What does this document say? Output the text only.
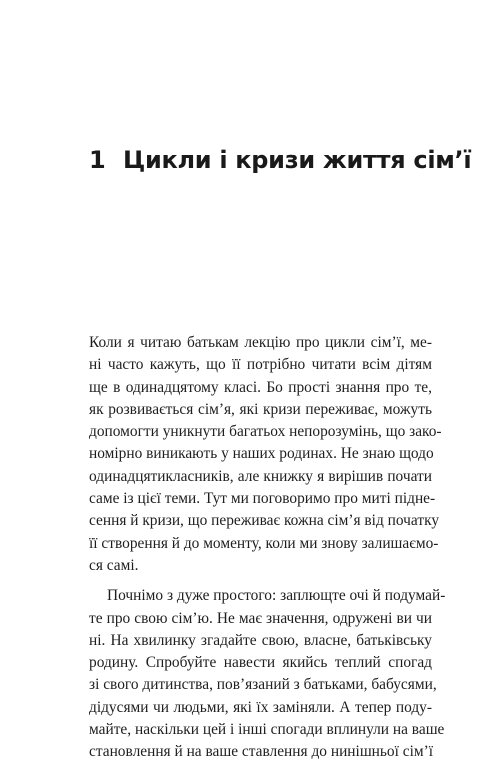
1 Цикли і кризи життя сім’ї
Коли я читаю батькам лекцію про цикли сім’ї, ме-
ні часто кажуть, що її потрібно читати всім дітям
ще в одинадцятому класі. Бо прості знання про те,
як розвивається сім’я, які кризи переживає, можуть
допомогти уникнути багатьох непорозумінь, що зако-
номірно виникають у наших родинах. Не знаю щодо
одинадцятикласників, але книжку я вирішив почати
саме із цієї теми. Тут ми поговоримо про миті підне-
сення й кризи, що переживає кожна сім’я від початку
її створення й до моменту, коли ми знову залишаємо-
ся самі.
Почнімо з дуже простого: заплющте очі й подумай-
те про свою сім’ю. Не має значення, одружені ви чи
ні. На хвилинку згадайте свою, власне, батьківську
родину. Спробуйте навести якийсь теплий спогад
зі свого дитинства, пов’язаний з батьками, бабусями,
дідусями чи людьми, які їх заміняли. А тепер поду-
майте, наскільки цей і інші спогади вплинули на ваше
становлення й на ваше ставлення до нинішньої сім’ї
